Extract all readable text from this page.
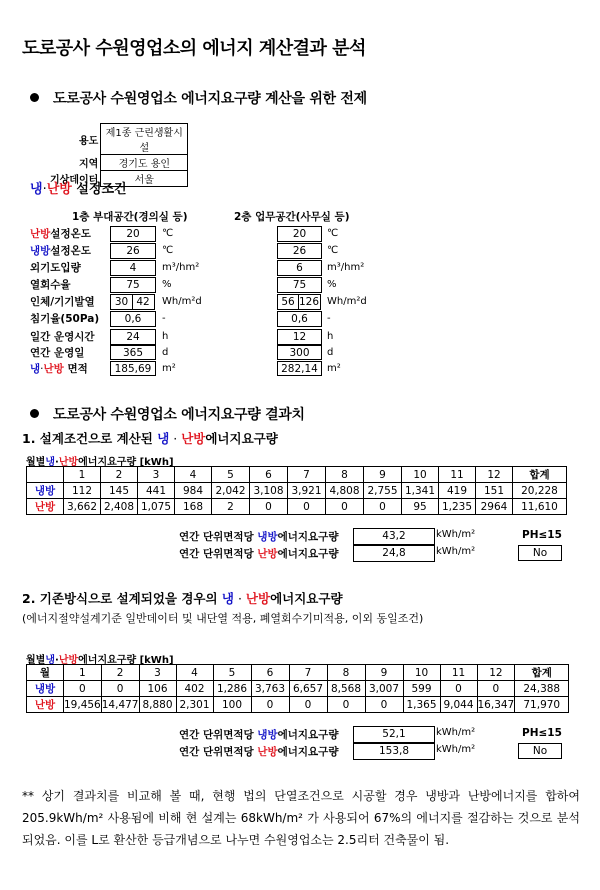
도로공사 수원영업소의 에너지 계산결과 분석
도로공사 수원영업소 에너지요구량 계산을 위한 전제
용도	제1종 근린생활시설
지역	경기도 용인
기상데이터	서울
냉·난방 설정조건
1층 부대공간(경의실 등)	2층 업무공간(사무실 등)
난방설정온도	20	20
℃	℃
냉방설정온도	26	26
℃	℃
외기도입량	4	6
m³/hm²	m³/hm²
열회수율	75	75
%	%
인체/기기발열	30 42	56 126
Wh/m²d	Wh/m²d
침기율(50Pa)	0,6	0,6
-	-
일간 운영시간	24	12
h	h
연간 운영일	365	300
d	d
냉·난방 면적	185,69	282,14
m²	m²
도로공사 수원영업소 에너지요구량 결과치
1. 설계조건으로 계산된 냉 · 난방에너지요구량
월별냉·난방에너지요구량 [kWh]
	1	2	3	4	5	6	7	8	9	10	11	12	합계
냉방	112	145	441	984	2,042	3,108	3,921	4,808	2,755	1,341	419	151	20,228
난방	3,662	2,408	1,075	168	2	0	0	0	0	95	1,235	2964	11,610
연간 단위면적당 냉방에너지요구량	43,2	kWh/m²
연간 단위면적당 난방에너지요구량	24,8	kWh/m²
PH≤15
No
2. 기존방식으로 설계되었을 경우의 냉 · 난방에너지요구량
(에너지절약설계기준 일반데이터 및 내단열 적용, 폐열회수기미적용, 이외 동일조건)
월별냉·난방에너지요구량 [kWh]
월	1	2	3	4	5	6	7	8	9	10	11	12	합계
냉방	0	0	106	402	1,286	3,763	6,657	8,568	3,007	599	0	0	24,388
난방	19,456	14,477	8,880	2,301	100	0	0	0	0	1,365	9,044	16,347	71,970
연간 단위면적당 냉방에너지요구량	52,1	kWh/m²
연간 단위면적당 난방에너지요구량	153,8	kWh/m²
PH≤15
No
** 상기 결과치를 비교해 볼 때, 현행 법의 단열조건으로 시공할 경우 냉방과 난방에너지를 합하여 205.9kWh/m² 사용됨에 비해 현 설계는 68kWh/m² 가 사용되어 67%의 에너지를 절감하는 것으로 분석되었음. 이를 L로 환산한 등급개념으로 나누면 수원영업소는 2.5리터 건축물이 됨.
